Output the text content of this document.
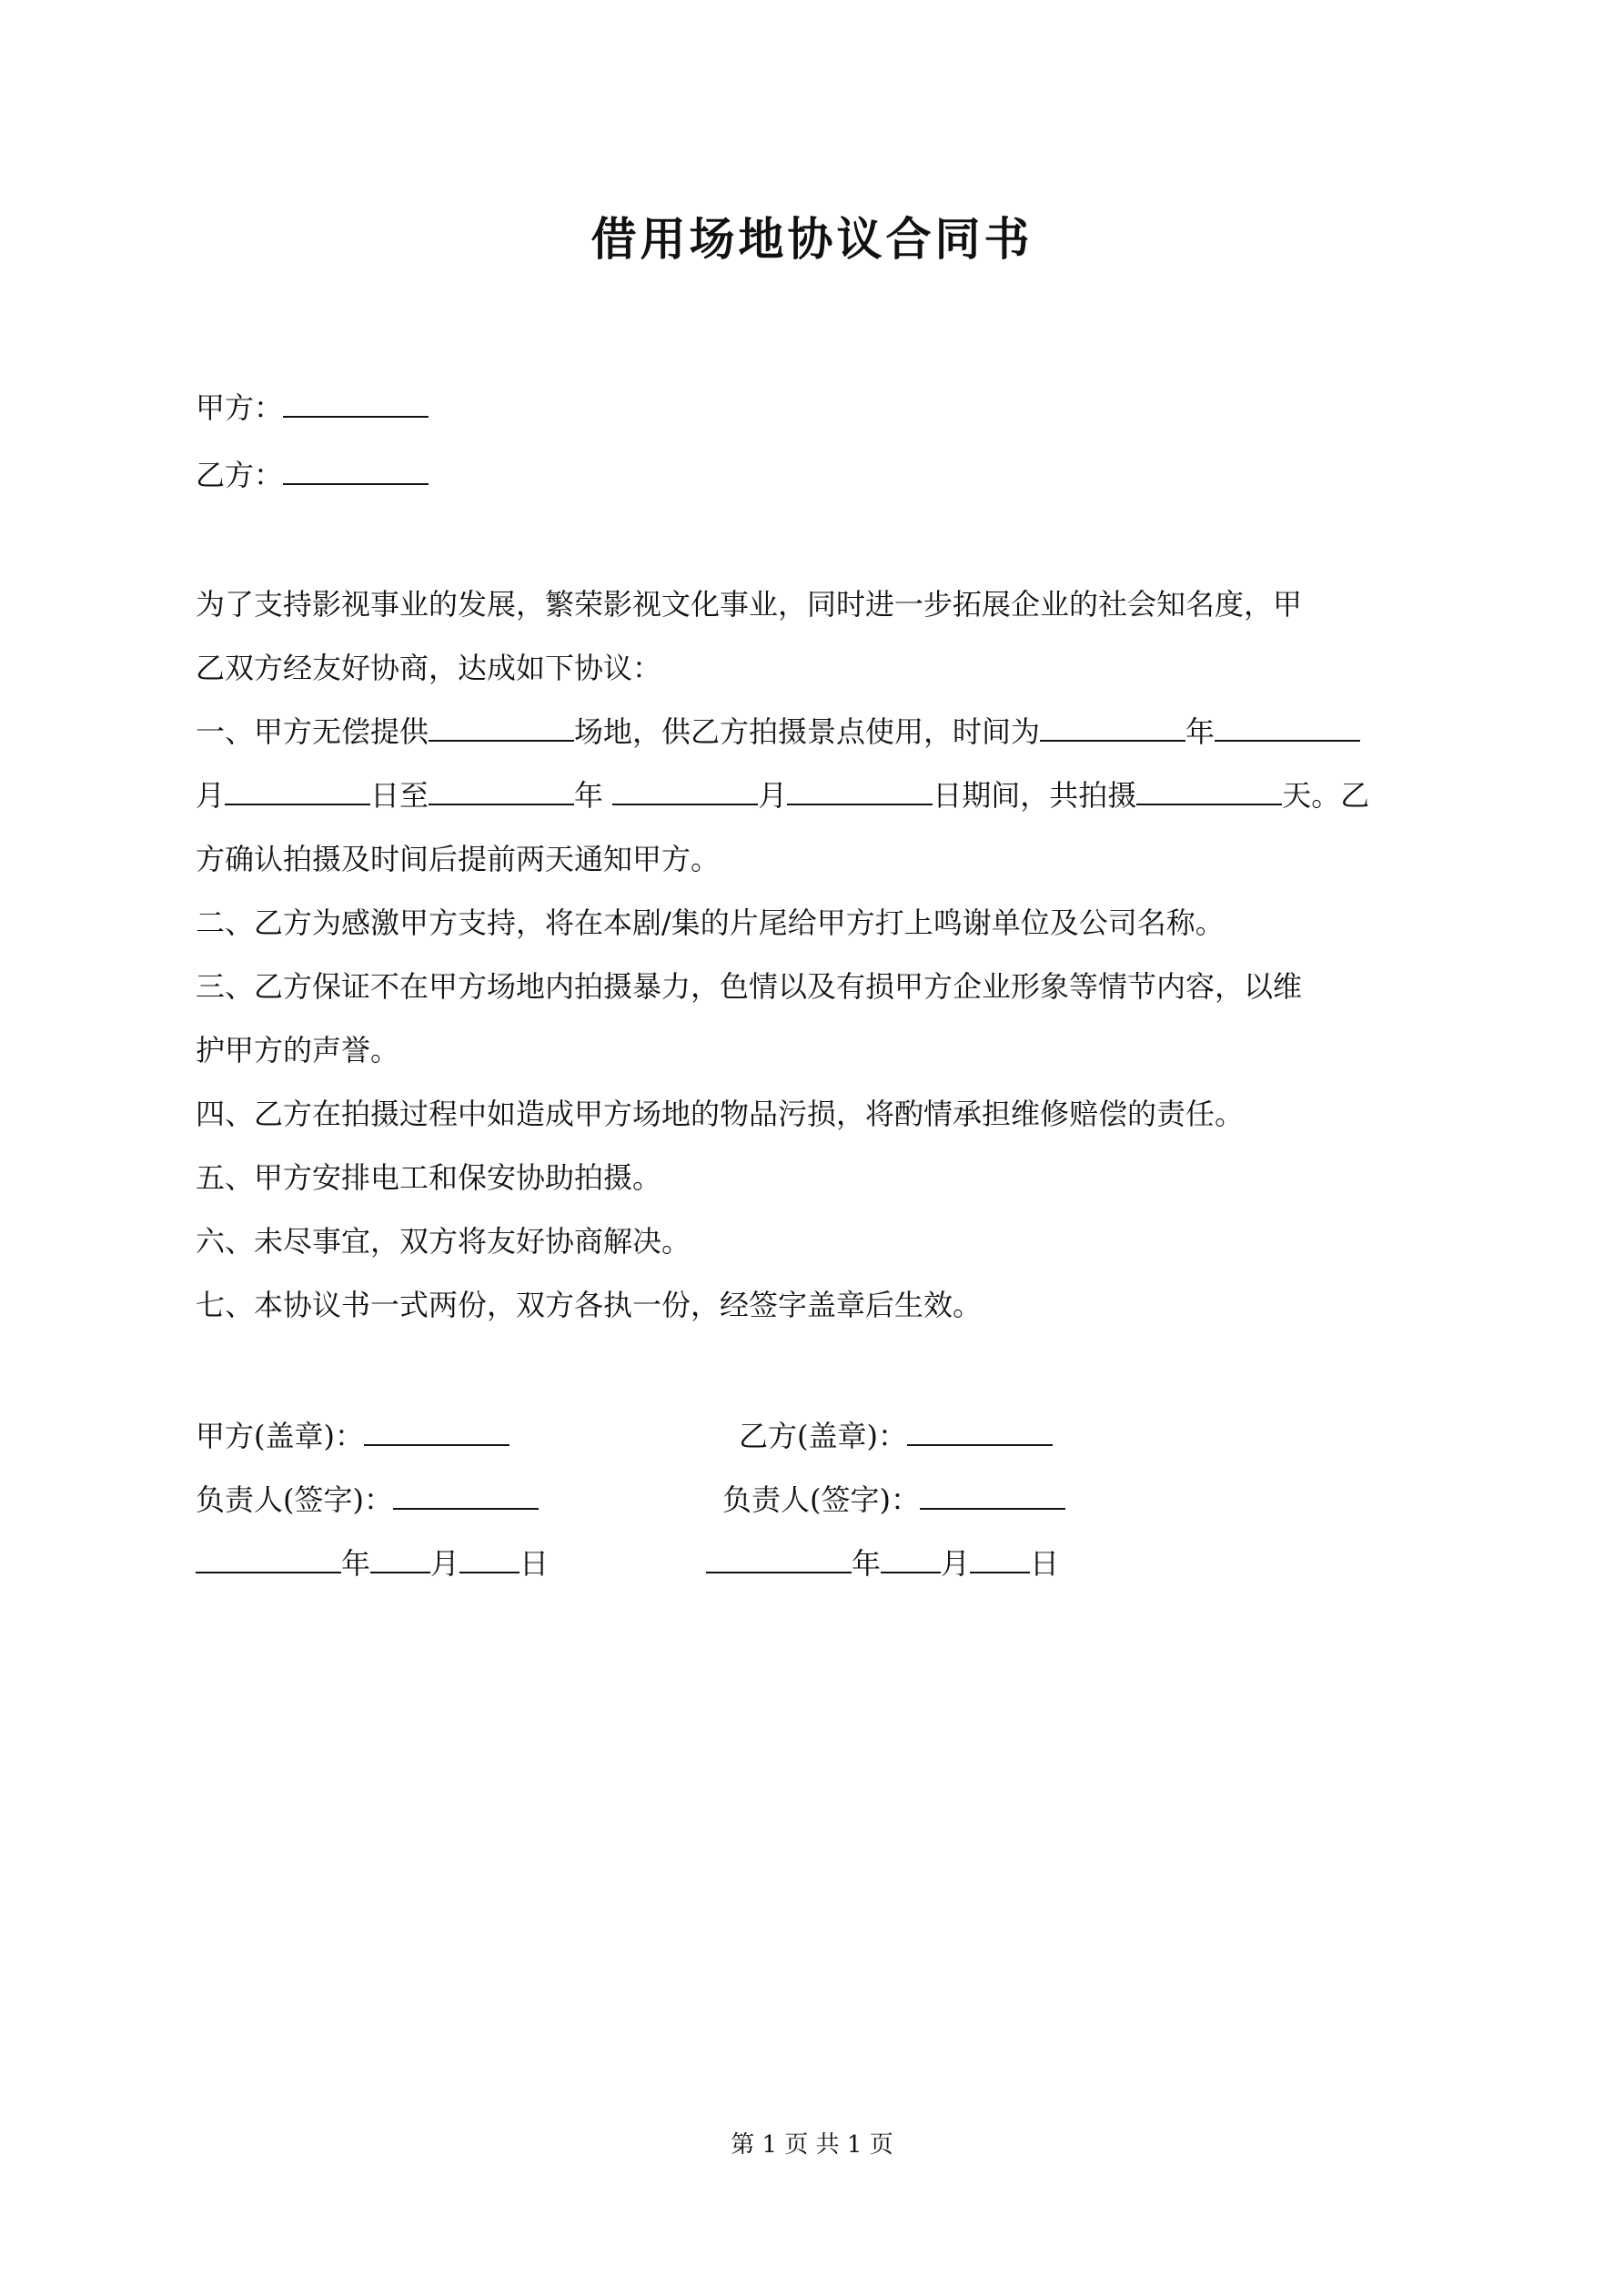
借用场地协议合同书
甲方：
乙方：
为了支持影视事业的发展，繁荣影视文化事业，同时进一步拓展企业的社会知名度，甲
乙双方经友好协商，达成如下协议：
一、甲方无偿提供	场地，供乙方拍摄景点使用，时间为	年
月	日至	年	月	日期间，共拍摄	天。乙
方确认拍摄及时间后提前两天通知甲方。
二、乙方为感激甲方支持，将在本剧/集的片尾给甲方打上鸣谢单位及公司名称。
三、乙方保证不在甲方场地内拍摄暴力，色情以及有损甲方企业形象等情节内容，以维
护甲方的声誉。
四、乙方在拍摄过程中如造成甲方场地的物品污损，将酌情承担维修赔偿的责任。
五、甲方安排电工和保安协助拍摄。
六、未尽事宜，双方将友好协商解决。
七、本协议书一式两份，双方各执一份，经签字盖章后生效。
甲方(盖章)：	乙方(盖章)：
负责人(签字)：	负责人(签字)：
年 月 日	年 月 日
第 1 页 共 1 页
